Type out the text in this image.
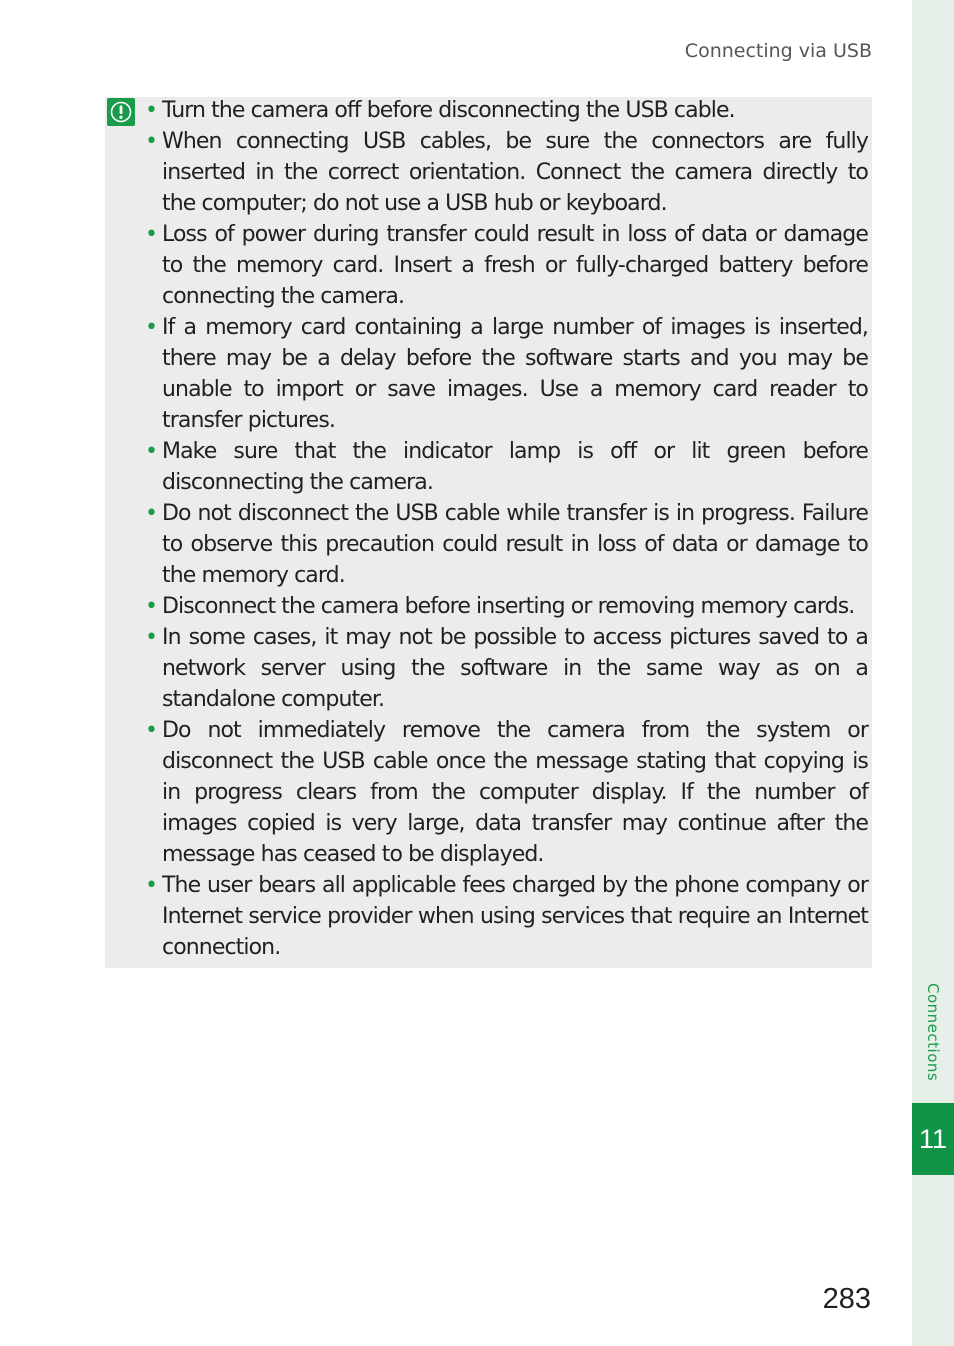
Connecting via USB
• Turn the camera off before disconnecting the USB cable.
• When connecting USB cables, be sure the connectors are fully inserted in the correct orientation. Connect the camera directly to the computer; do not use a USB hub or keyboard.
• Loss of power during transfer could result in loss of data or damage to the memory card. Insert a fresh or fully-charged battery before connecting the camera.
• If a memory card containing a large number of images is inserted, there may be a delay before the software starts and you may be unable to import or save images. Use a memory card reader to transfer pictures.
• Make sure that the indicator lamp is off or lit green before disconnecting the camera.
• Do not disconnect the USB cable while transfer is in progress. Failure to observe this precaution could result in loss of data or damage to the memory card.
• Disconnect the camera before inserting or removing memory cards.
• In some cases, it may not be possible to access pictures saved to a network server using the software in the same way as on a standalone computer.
• Do not immediately remove the camera from the system or disconnect the USB cable once the message stating that copying is in progress clears from the computer display. If the number of images copied is very large, data transfer may continue after the message has ceased to be displayed.
• The user bears all applicable fees charged by the phone company or Internet service provider when using services that require an Internet connection.
Connections
11
283
